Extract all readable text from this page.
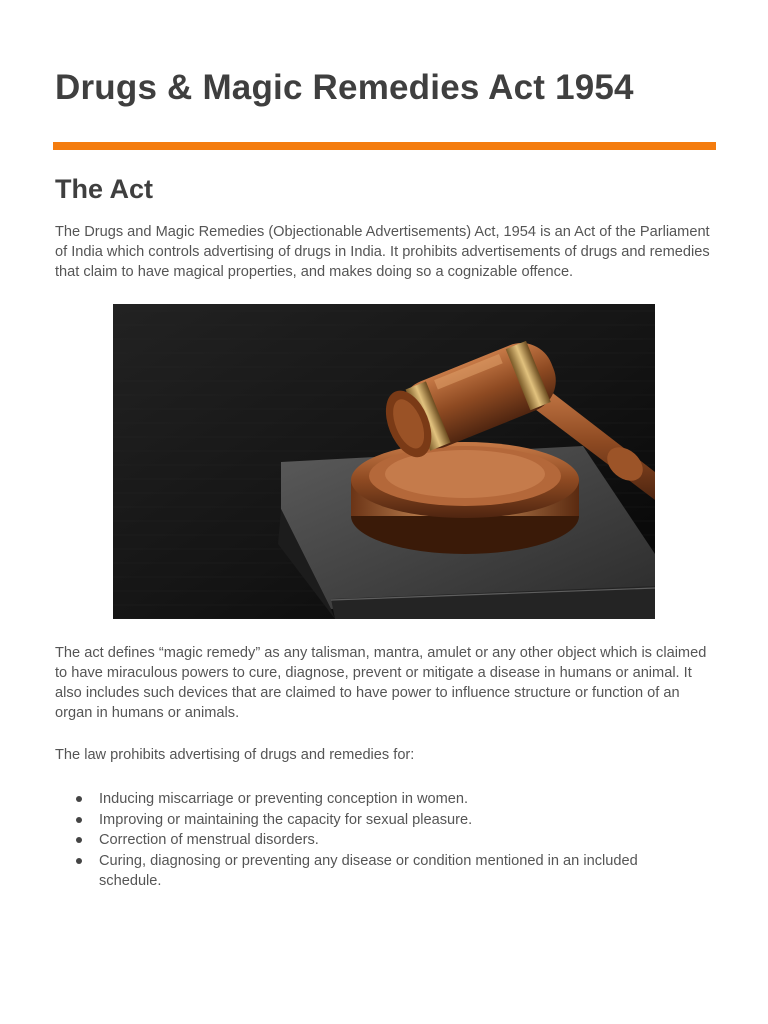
Drugs & Magic Remedies Act 1954
The Act

The Drugs and Magic Remedies (Objectionable Advertisements) Act, 1954 is an Act of the Parliament of India which controls advertising of drugs in India. It prohibits advertisements of drugs and remedies that claim to have magical properties, and makes doing so a cognizable offence.

The act defines “magic remedy” as any talisman, mantra, amulet or any other object which is claimed to have miraculous powers to cure, diagnose, prevent or mitigate a disease in humans or animal. It also includes such devices that are claimed to have power to influence structure or function of an organ in humans or animals.

The law prohibits advertising of drugs and remedies for:

Inducing miscarriage or preventing conception in women.
Improving or maintaining the capacity for sexual pleasure.
Correction of menstrual disorders.
Curing, diagnosing or preventing any disease or condition mentioned in an included schedule.
